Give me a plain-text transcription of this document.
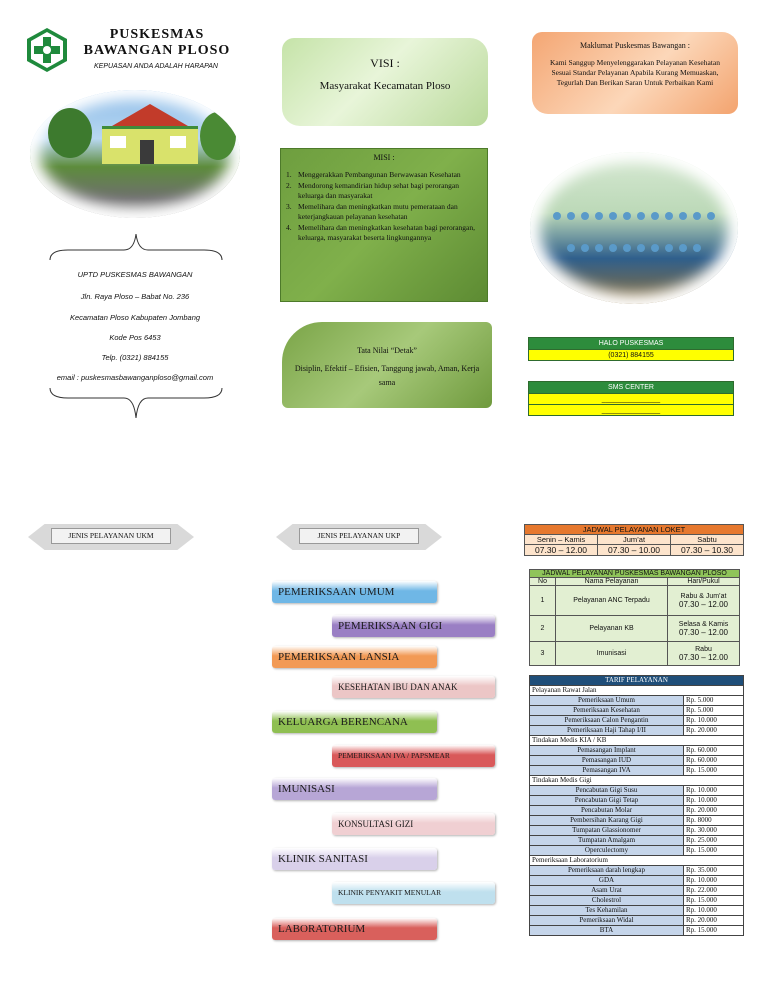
PUSKESMAS
BAWANGAN PLOSO
KEPUASAN ANDA ADALAH HARAPAN
UPTD PUSKESMAS BAWANGAN
Jln. Raya Ploso – Babat No. 236
Kecamatan Ploso Kabupaten Jombang
Kode Pos 6453
Telp. (0321) 884155
email : puskesmasbawanganploso@gmail.com
VISI :
Masyarakat Kecamatan Ploso
Maklumat Puskesmas Bawangan :
Kami Sanggup Menyelenggarakan Pelayanan Kesehatan Sesuai Standar Pelayanan Apabila Kurang Memuaskan, Tegurlah Dan Berikan Saran Untuk Perbaikan Kami
MISI :
1. Menggerakkan Pembangunan Berwawasan Kesehatan
2. Mendorong kemandirian hidup sehat bagi perorangan keluarga dan masyarakat
3. Memelihara dan meningkatkan mutu pemerataan dan keterjangkauan pelayanan kesehatan
4. Memelihara dan meningkatkan kesehatan bagi perorangan, keluarga, masyarakat beserta lingkungannya
Tata Nilai “Detak”
Disiplin, Efektif – Efisien, Tanggung jawab, Aman, Kerja sama
HALO PUSKESMAS
(0321) 884155
SMS CENTER
_______________
_______________
JENIS PELAYANAN UKM	JENIS PELAYANAN UKP
PEMERIKSAAN UMUM
PEMERIKSAAN GIGI
PEMERIKSAAN LANSIA
KESEHATAN IBU DAN ANAK
KELUARGA BERENCANA
PEMERIKSAAN IVA / PAPSMEAR
IMUNISASI
KONSULTASI GIZI
KLINIK SANITASI
KLINIK PENYAKIT MENULAR
LABORATORIUM
JADWAL PELAYANAN LOKET		
Senin – Kamis	Jum’at	Sabtu
07.30 – 12.00	07.30 – 10.00	07.30 – 10.30
JADWAL PELAYANAN PUSKESMAS BAWANGAN PLOSO		
No	Nama Pelayanan	Hari/Pukul
1	Pelayanan ANC Terpadu	Rabu & Jum’at
07.30 – 12.00

2	Pelayanan KB	Selasa & Kamis
07.30 – 12.00

3	Imunisasi	Rabu
07.30 – 12.00
TARIF PELAYANAN	
Pelayanan Rawat Jalan	
Pemeriksaan Umum	Rp. 5.000
Pemeriksaan Kesehatan	Rp. 5.000
Pemeriksaan Calon Pengantin	Rp. 10.000
Pemeriksaan Haji Tahap I/II	Rp. 20.000
Tindakan Medis KIA / KB	
Pemasangan Implant	Rp. 60.000
Pemasangan IUD	Rp. 60.000
Pemasangan IVA	Rp. 15.000
Tindakan Medis Gigi	
Pencabutan Gigi Susu	Rp. 10.000
Pencabutan Gigi Tetap	Rp. 10.000
Pencabutan Molar	Rp. 20.000
Pembersihan Karang Gigi	Rp. 8000
Tumpatan Glassionomer	Rp. 30.000
Tumpatan Amalgam	Rp. 25.000
Operculectomy	Rp. 15.000
Pemeriksaan Laboratorium	
Pemeriksaan darah lengkap	Rp. 35.000
GDA	Rp. 10.000
Asam Urat	Rp. 22.000
Cholestrol	Rp. 15.000
Tes Kehamilan	Rp. 10.000
Pemeriksaan Widal	Rp. 20.000
BTA	Rp. 15.000
